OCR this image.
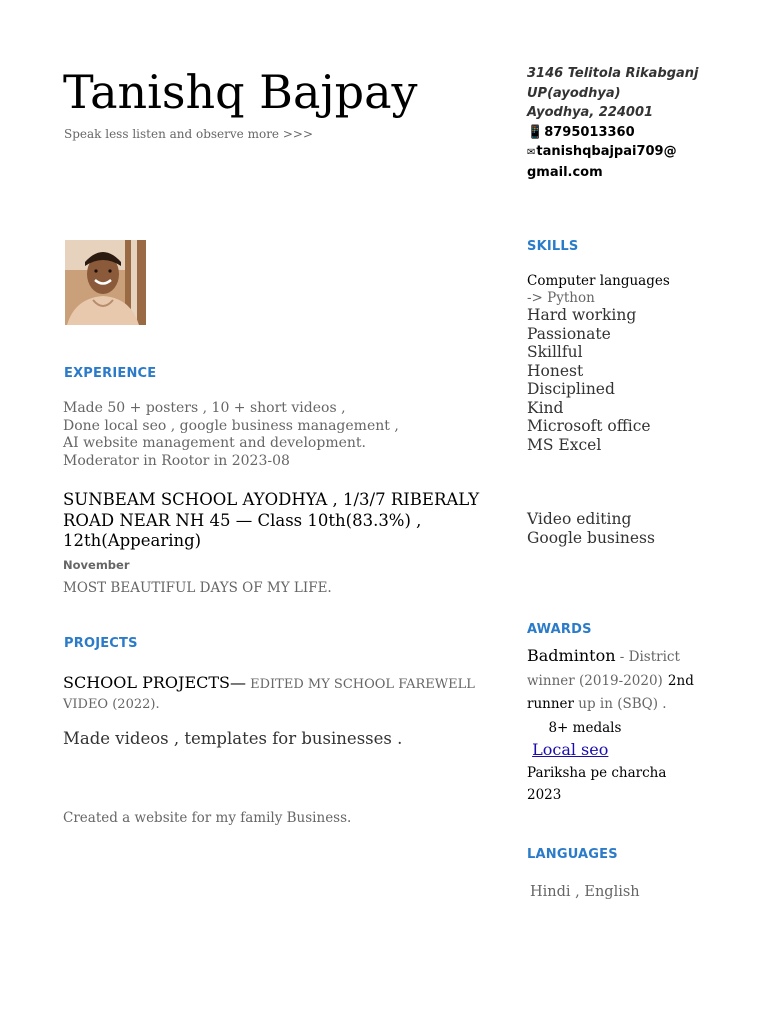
Tanishq Bajpay
Speak less listen and observe more >>>
3146 Telitola Rikabganj
UP(ayodhya)
Ayodhya, 224001
📱8795013360
✉tanishqbajpai709@
gmail.com
EXPERIENCE
Made 50 + posters , 10 + short videos ,
Done local seo , google business management ,
AI website management and development.
Moderator in Rootor in 2023-08
SUNBEAM SCHOOL AYODHYA , 1/3/7 RIBERALY ROAD NEAR NH 45 — Class 10th(83.3%) , 12th(Appearing)
November
MOST BEAUTIFUL DAYS OF MY LIFE.
PROJECTS
SCHOOL PROJECTS— EDITED MY SCHOOL FAREWELL VIDEO (2022).
Made videos , templates for businesses .
Created a website for my family Business.
SKILLS
Computer languages
-> Python
Hard working
Passionate
Skillful
Honest
Disciplined
Kind
Microsoft office
MS Excel
Video editing
Google business
AWARDS
Badminton - District winner (2019-2020) 2nd runner up in (SBQ) .      8+ medals
Local seo
Pariksha pe charcha 2023
LANGUAGES
Hindi , English
